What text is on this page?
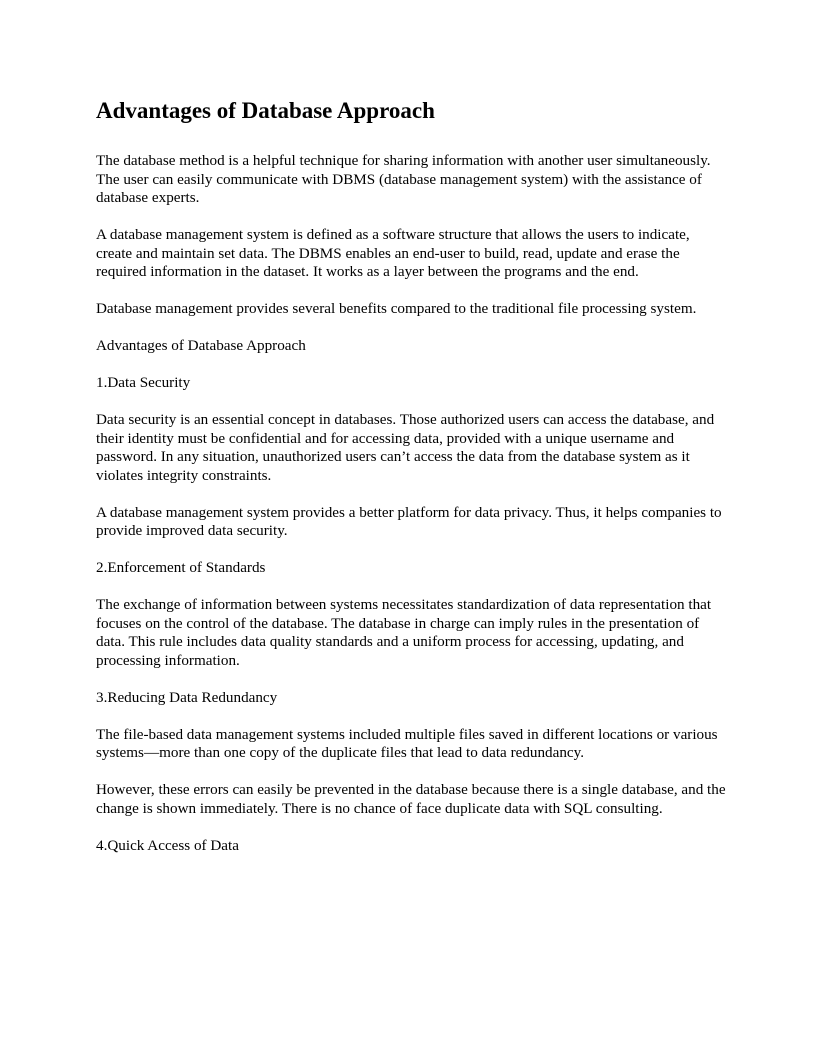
Advantages of Database Approach

The database method is a helpful technique for sharing information with another user simultaneously. The user can easily communicate with DBMS (database management system) with the assistance of database experts.

A database management system is defined as a software structure that allows the users to indicate, create and maintain set data. The DBMS enables an end-user to build, read, update and erase the required information in the dataset. It works as a layer between the programs and the end.

Database management provides several benefits compared to the traditional file processing system.

Advantages of Database Approach

1.Data Security

Data security is an essential concept in databases. Those authorized users can access the database, and their identity must be confidential and for accessing data, provided with a unique username and password. In any situation, unauthorized users can’t access the data from the database system as it violates integrity constraints.

A database management system provides a better platform for data privacy. Thus, it helps companies to provide improved data security.

2.Enforcement of Standards

The exchange of information between systems necessitates standardization of data representation that focuses on the control of the database. The database in charge can imply rules in the presentation of data. This rule includes data quality standards and a uniform process for accessing, updating, and processing information.

3.Reducing Data Redundancy

The file-based data management systems included multiple files saved in different locations or various systems—more than one copy of the duplicate files that lead to data redundancy.

However, these errors can easily be prevented in the database because there is a single database, and the change is shown immediately. There is no chance of face duplicate data with SQL consulting.

4.Quick Access of Data
